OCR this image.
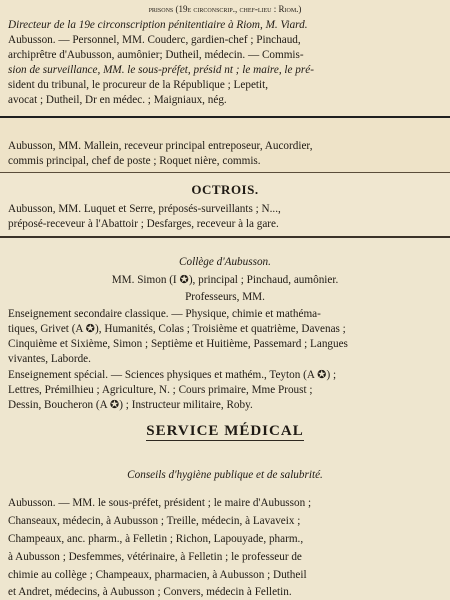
prisons (19e circonscrip., chef-lieu : Riom.)
Directeur de la 19e circonscription pénitentiaire à Riom, M. Viard.
Aubusson. — Personnel, MM. Couderc, gardien-chef ; Pinchaud,
archiprêtre d'Aubusson, aumônier; Dutheil, médecin. — Commis-
sion de surveillance, MM. le sous-préfet, présid nt ; le maire, le pré-
sident du tribunal, le procureur de la République ; Lepetit,
avocat ; Dutheil, Dr en médec. ; Maigniaux, nég.
Aubusson, MM. Mallein, receveur principal entreposeur, Aucordier,
commis principal, chef de poste ; Roquet nière, commis.
OCTROIS.
Aubusson, MM. Luquet et Serre, préposés-surveillants ; N...,
préposé-receveur à l'Abattoir ; Desfarges, receveur à la gare.
Collège d'Aubusson.
MM. Simon (I ✪), principal ; Pinchaud, aumônier.
Professeurs, MM.
Enseignement secondaire classique. — Physique, chimie et mathéma-
tiques, Grivet (A ✪), Humanités, Colas ; Troisième et quatrième, Davenas ;
Cinquième et Sixième, Simon ; Septième et Huitième, Passemard ; Langues
vivantes, Laborde.
Enseignement spécial. — Sciences physiques et mathém., Teyton (A ✪) ;
Lettres, Prémilhieu ; Agriculture, N. ; Cours primaire, Mme Proust ;
Dessin, Boucheron (A ✪) ; Instructeur militaire, Roby.
SERVICE MÉDICAL
Conseils d'hygiène publique et de salubrité.
Aubusson. — MM. le sous-préfet, président ; le maire d'Aubusson ;
Chanseaux, médecin, à Aubusson ; Treille, médecin, à Lavaveix ;
Champeaux, anc. pharm., à Felletin ; Richon, Lapouyade, pharm.,
à Aubusson ; Desfemmes, vétérinaire, à Felletin ; le professeur de
chimie au collège ; Champeaux, pharmacien, à Aubusson ; Dutheil
et Andret, médecins, à Aubusson ; Convers, médecin à Felletin.
